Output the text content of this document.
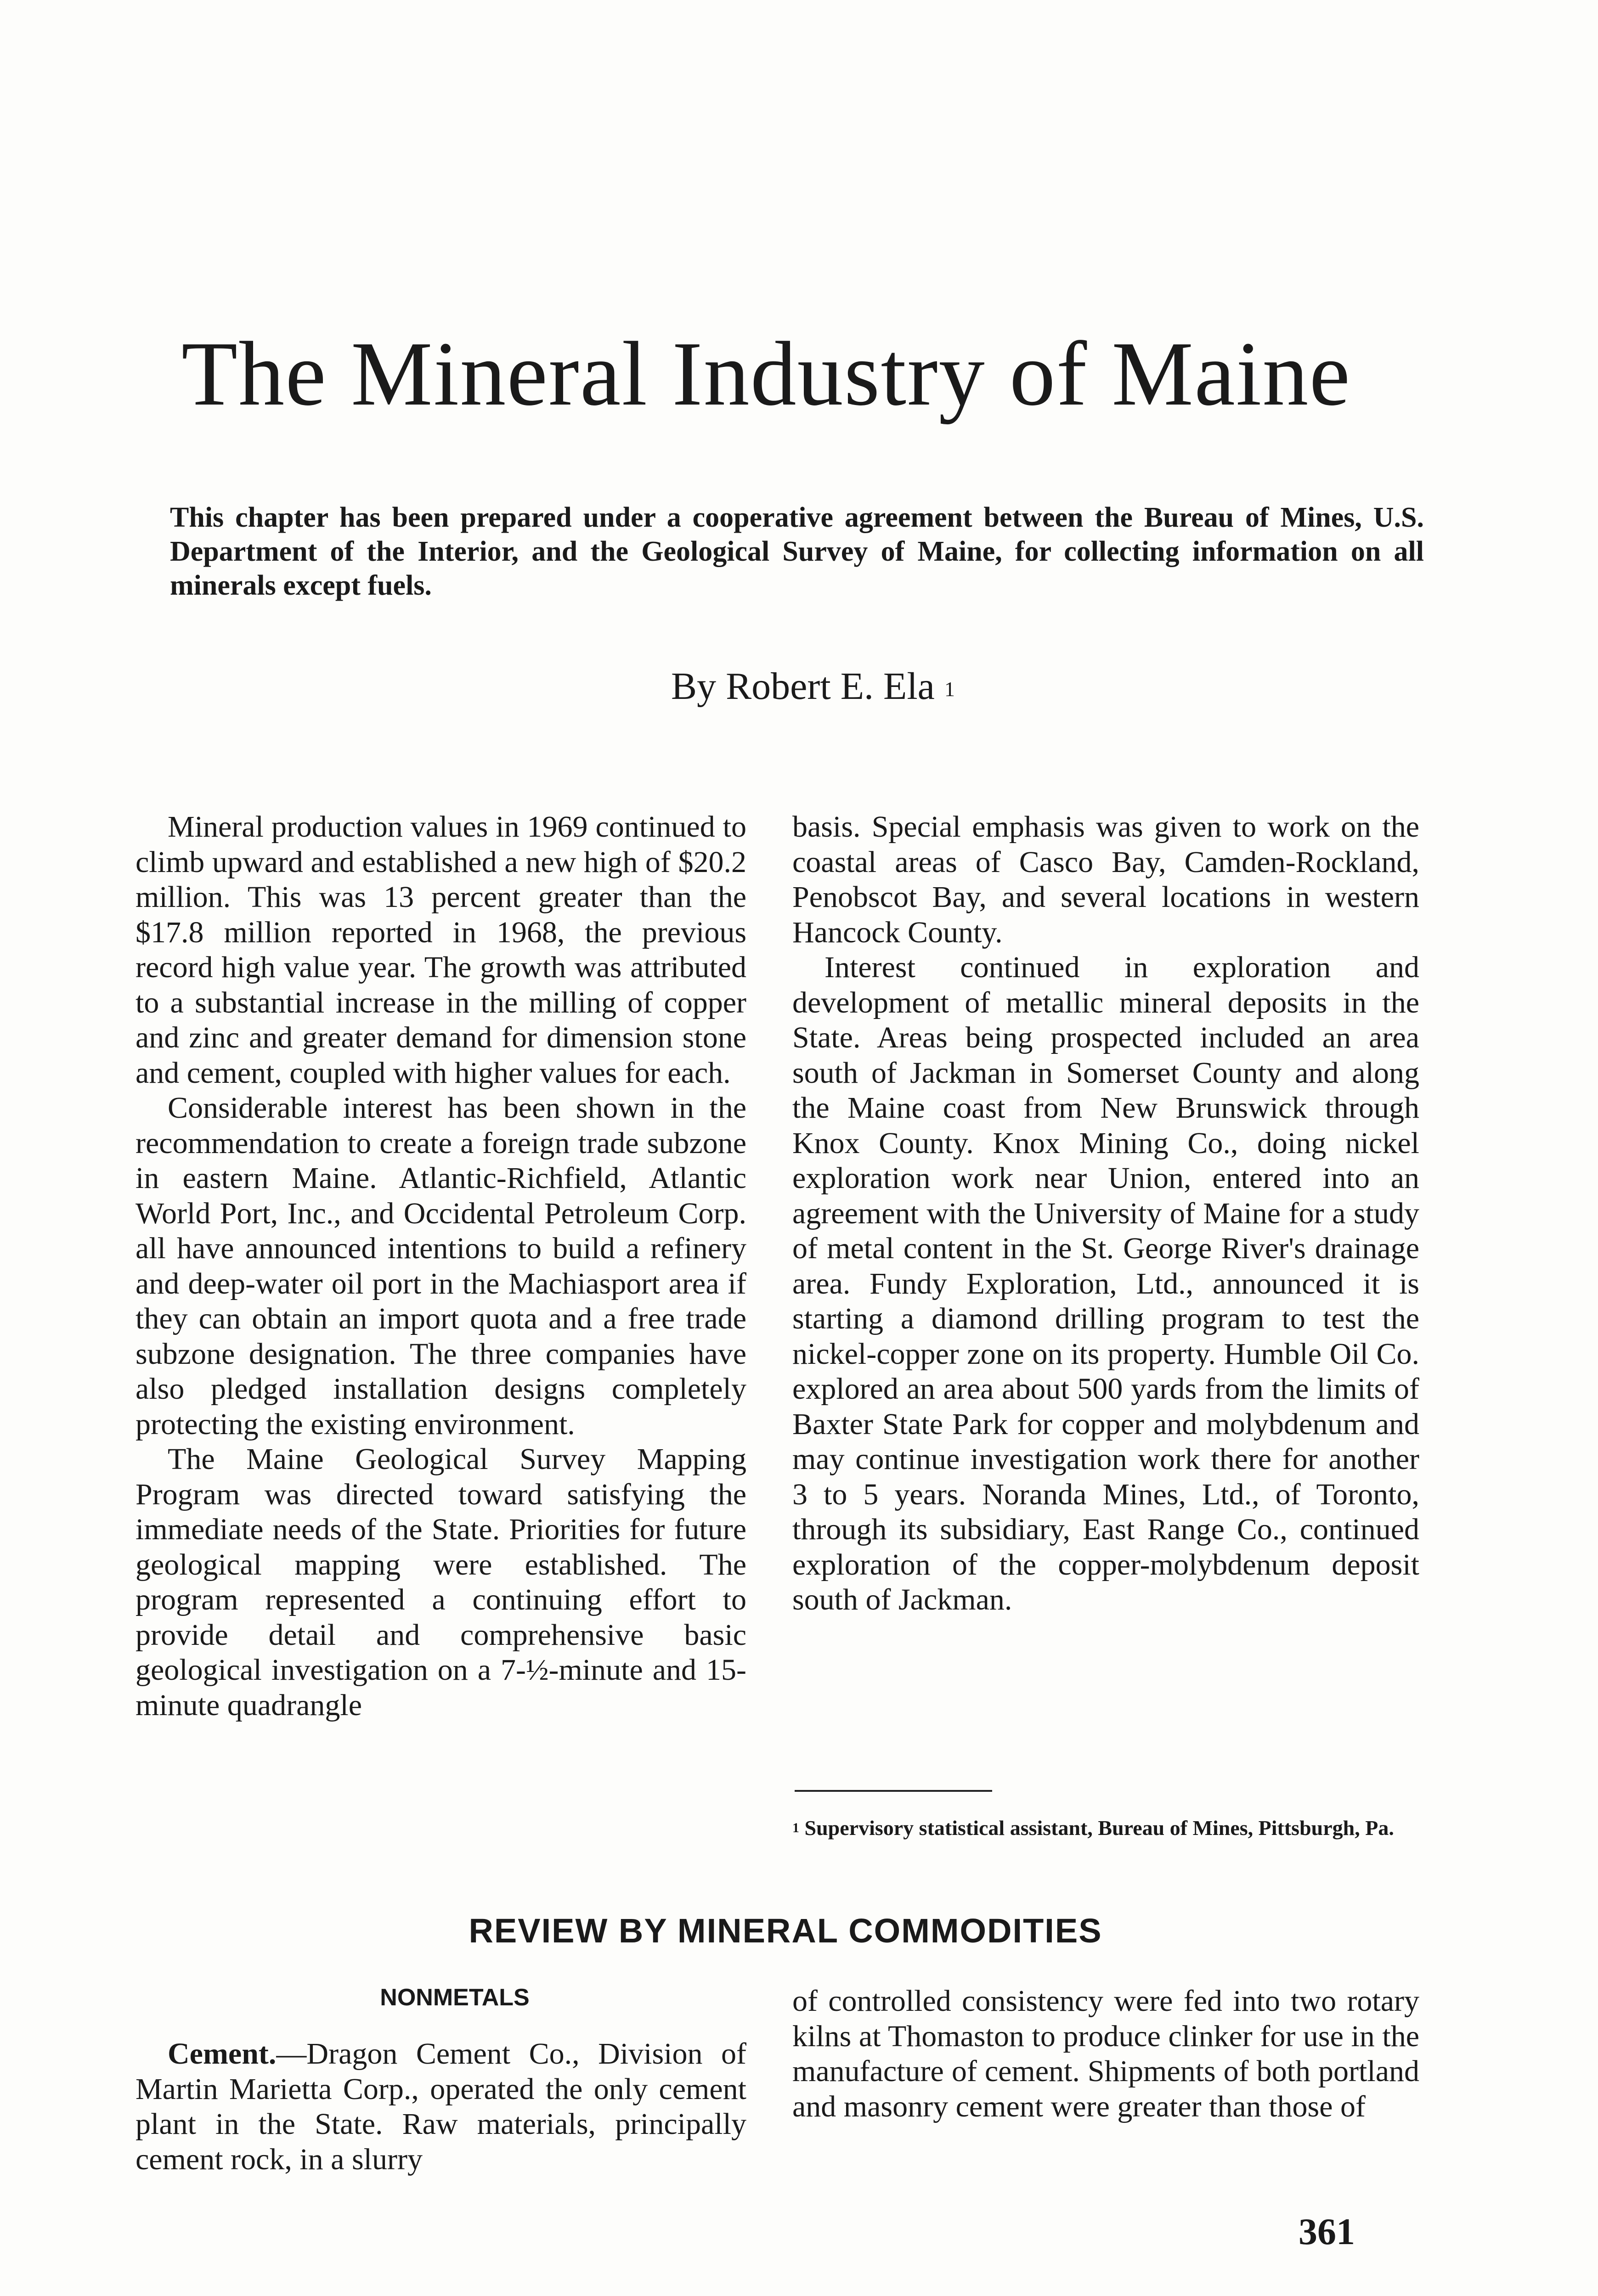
The Mineral Industry of Maine
This chapter has been prepared under a cooperative agreement between the Bureau of Mines, U.S. Department of the Interior, and the Geological Survey of Maine, for collecting information on all minerals except fuels.
By Robert E. Ela $^1$

Mineral production values in 1969 continued to climb upward and established a new high of $20.2 million. This was 13 percent greater than the $17.8 million reported in 1968, the previous record high value year. The growth was attributed to a substantial increase in the milling of copper and zinc and greater demand for dimension stone and cement, coupled with higher values for each.

Considerable interest has been shown in the recommendation to create a foreign trade subzone in eastern Maine. Atlantic-Richfield, Atlantic World Port, Inc., and Occidental Petroleum Corp. all have announced intentions to build a refinery and deep-water oil port in the Machiasport area if they can obtain an import quota and a free trade subzone designation. The three companies have also pledged installation designs completely protecting the existing environment.

The Maine Geological Survey Mapping Program was directed toward satisfying the immediate needs of the State. Priorities for future geological mapping were established. The program represented a continuing effort to provide detail and comprehensive basic geological investigation on a 7-½-minute and 15-minute quadrangle

basis. Special emphasis was given to work on the coastal areas of Casco Bay, Camden-Rockland, Penobscot Bay, and several locations in western Hancock County.

Interest continued in exploration and development of metallic mineral deposits in the State. Areas being prospected included an area south of Jackman in Somerset County and along the Maine coast from New Brunswick through Knox County. Knox Mining Co., doing nickel exploration work near Union, entered into an agreement with the University of Maine for a study of metal content in the St. George River's drainage area. Fundy Exploration, Ltd., announced it is starting a diamond drilling program to test the nickel-copper zone on its property. Humble Oil Co. explored an area about 500 yards from the limits of Baxter State Park for copper and molybdenum and may continue investigation work there for another 3 to 5 years. Noranda Mines, Ltd., of Toronto, through its subsidiary, East Range Co., continued exploration of the copper-molybdenum deposit south of Jackman.

$^1$ Supervisory statistical assistant, Bureau of Mines, Pittsburgh, Pa.
REVIEW BY MINERAL COMMODITIES
NONMETALS

Cement.—Dragon Cement Co., Division of Martin Marietta Corp., operated the only cement plant in the State. Raw materials, principally cement rock, in a slurry

of controlled consistency were fed into two rotary kilns at Thomaston to produce clinker for use in the manufacture of cement. Shipments of both portland and masonry cement were greater than those of

361
